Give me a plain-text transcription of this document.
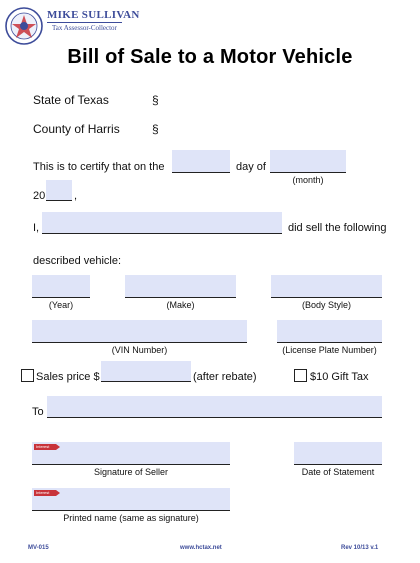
MIKE SULLIVAN
Tax Assessor-Collector
Bill of Sale to a Motor Vehicle
State of Texas	§
County of Harris	§
This is to certify that on the	day of
(month)
20	,
I,	did sell the following
described vehicle:
(Year)	(Make)	(Body Style)
(VIN Number)	(License Plate Number)
Sales price $	(after rebate)	$10 Gift Tax
To
Interest
Signature of Seller	Date of Statement
Interest
Printed name (same as signature)
MV-015	www.hctax.net	Rev 10/13 v.1
